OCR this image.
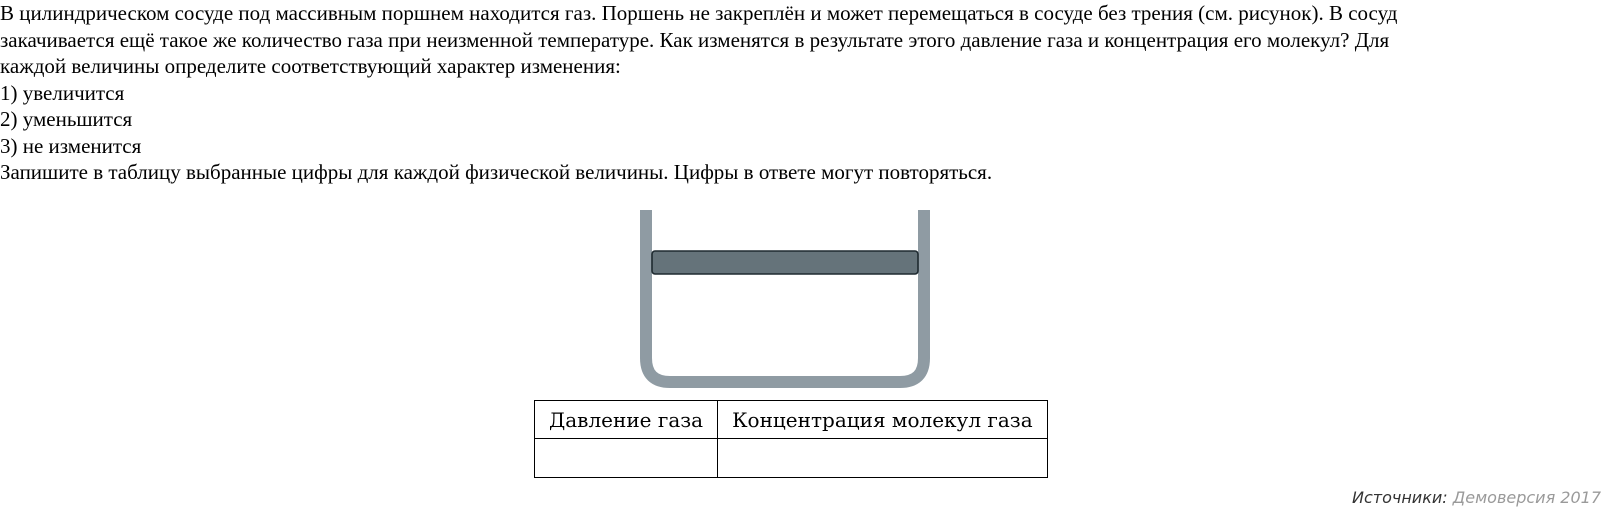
В цилиндрическом сосуде под массивным поршнем находится газ. Поршень не закреплён и может перемещаться в сосуде без трения (см. рисунок). В сосуд

закачивается ещё такое же количество газа при неизменной температуре. Как изменятся в результате этого давление газа и концентрация его молекул? Для

каждой величины определите соответствующий характер изменения:

1) увеличится

2) уменьшится

3) не изменится

Запишите в таблицу выбранные цифры для каждой физической величины. Цифры в ответе могут повторяться.

Давление газа	Концентрация молекул газа

Источники: Демоверсия 2017
